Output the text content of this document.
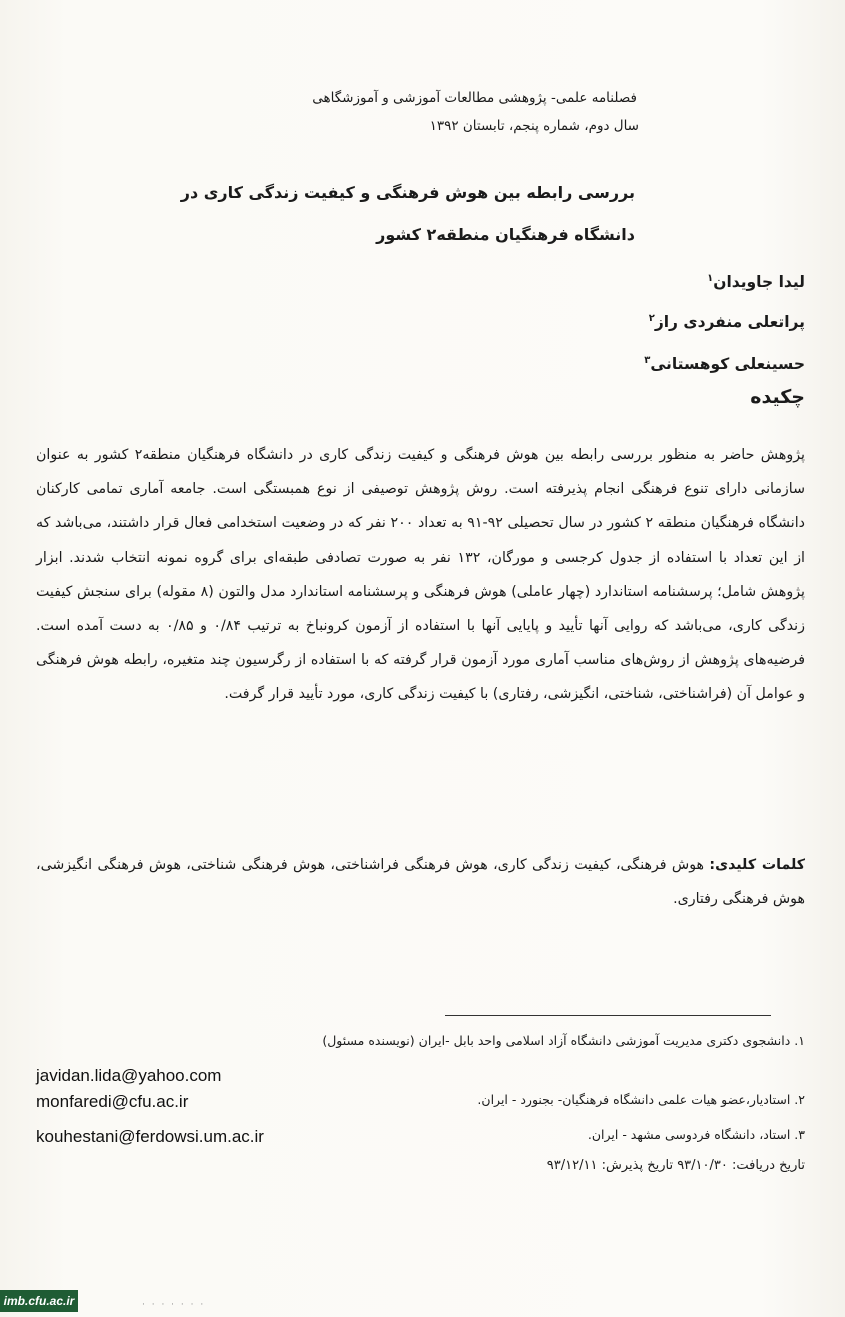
فصلنامه علمی- پژوهشی مطالعات آموزشی و آموزشگاهی
سال دوم، شماره پنجم، تابستان ۱۳۹۲
بررسی رابطه بین هوش فرهنگی و کیفیت زندگی کاری در
دانشگاه فرهنگیان منطقه۲ کشور
لیدا جاویدان$^۱$
پراتعلی منفردی راز$^۲$
حسینعلی کوهستانی$^۳$
چکیده

پژوهش حاضر به منظور بررسی رابطه بین هوش فرهنگی و کیفیت زندگی کاری در دانشگاه فرهنگیان منطقه۲ کشور به عنوان سازمانی دارای تنوع فرهنگی انجام پذیرفته است. روش پژوهش توصیفی از نوع همبستگی است. جامعه آماری تمامی کارکنان دانشگاه فرهنگیان منطقه ۲ کشور در سال تحصیلی ۹۲-۹۱ به تعداد ۲۰۰ نفر که در وضعیت استخدامی فعال قرار داشتند، می‌باشد که از این تعداد با استفاده از جدول کرجسی و مورگان، ۱۳۲ نفر به صورت تصادفی طبقه‌ای برای گروه نمونه انتخاب شدند. ابزار پژوهش شامل؛ پرسشنامه استاندارد (چهار عاملی) هوش فرهنگی و پرسشنامه استاندارد مدل والتون (۸ مقوله) برای سنجش کیفیت زندگی کاری، می‌باشد که روایی آنها تأیید و پایایی آنها با استفاده از آزمون کرونباخ به ترتیب ۰/۸۴ و ۰/۸۵ به دست آمده است. فرضیه‌های پژوهش از روش‌های مناسب آماری مورد آزمون قرار گرفته که با استفاده از رگرسیون چند متغیره، رابطه هوش فرهنگی و عوامل آن (فراشناختی، شناختی، انگیزشی، رفتاری) با کیفیت زندگی کاری، مورد تأیید قرار گرفت.

کلمات کلیدی: هوش فرهنگی، کیفیت زندگی کاری، هوش فرهنگی فراشناختی، هوش فرهنگی شناختی، هوش فرهنگی انگیزشی، هوش فرهنگی رفتاری.
۱. دانشجوی دکتری مدیریت آموزشی دانشگاه آزاد اسلامی واحد بابل -ایران (نویسنده مسئول)
۲. استادیار،عضو هیات علمی دانشگاه فرهنگیان- بجنورد - ایران.
۳. استاد، دانشگاه فردوسی مشهد - ایران.
تاریخ دریافت: ۹۳/۱۰/۳۰ تاریخ پذیرش: ۹۳/۱۲/۱۱
javidan.lida@yahoo.com
monfaredi@cfu.ac.ir
kouhestani@ferdowsi.um.ac.ir
imb.cfu.ac.ir	· · · · · · ·
